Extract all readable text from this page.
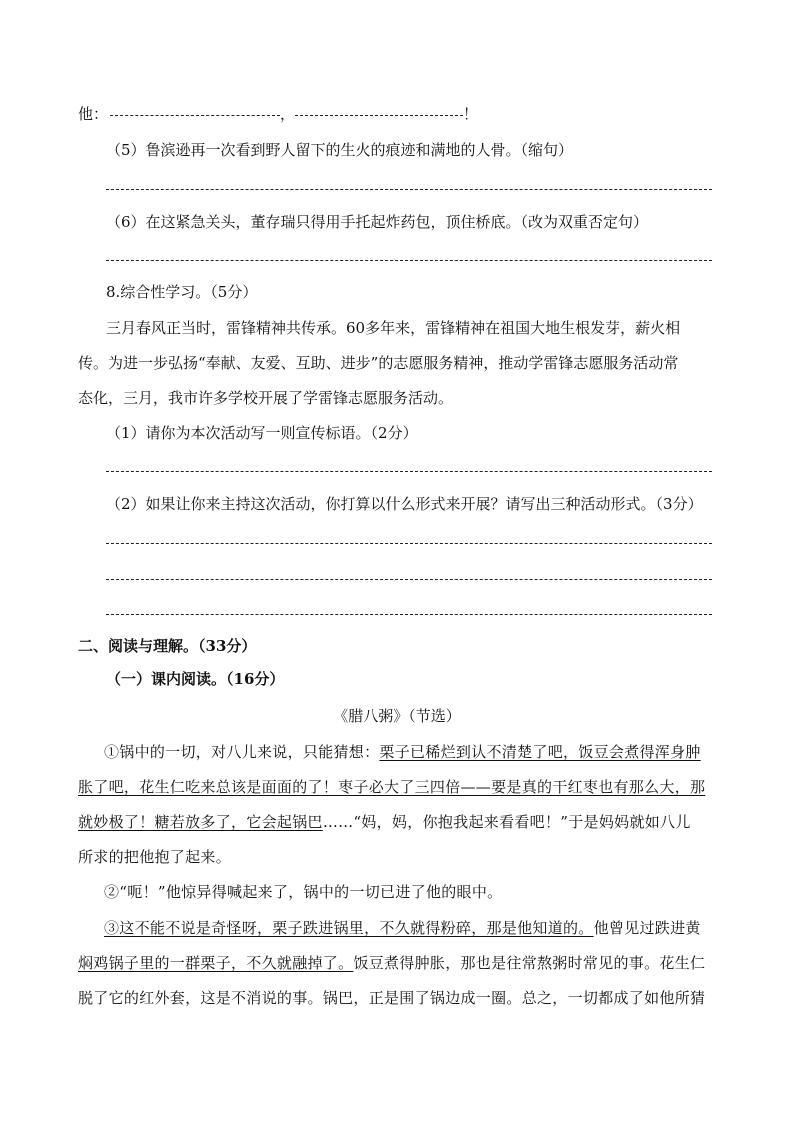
他：	，	！
（5）鲁滨逊再一次看到野人留下的生火的痕迹和满地的人骨。（缩句）
（6）在这紧急关头，董存瑞只得用手托起炸药包，顶住桥底。（改为双重否定句）
8.综合性学习。（5分）
三月春风正当时，雷锋精神共传承。60多年来，雷锋精神在祖国大地生根发芽，薪火相
传。为进一步弘扬“奉献、友爱、互助、进步”的志愿服务精神，推动学雷锋志愿服务活动常
态化，三月，我市许多学校开展了学雷锋志愿服务活动。
（1）请你为本次活动写一则宣传标语。（2分）
（2）如果让你来主持这次活动，你打算以什么形式来开展？请写出三种活动形式。（3分）
二、阅读与理解。（33分）
（一）课内阅读。（16分）
《腊八粥》（节选）
①锅中的一切，对八儿来说，只能猜想：栗子已稀烂到认不清楚了吧，饭豆会煮得浑身肿
胀了吧，花生仁吃来总该是面面的了！枣子必大了三四倍——要是真的干红枣也有那么大，那
就妙极了！糖若放多了，它会起锅巴……“妈，妈，你抱我起来看看吧！”于是妈妈就如八儿
所求的把他抱了起来。
②“呃！”他惊异得喊起来了，锅中的一切已进了他的眼中。
③这不能不说是奇怪呀，栗子跌进锅里，不久就得粉碎，那是他知道的。他曾见过跌进黄
焖鸡锅子里的一群栗子，不久就融掉了。饭豆煮得肿胀，那也是往常熬粥时常见的事。花生仁
脱了它的红外套，这是不消说的事。锅巴，正是围了锅边成一圈。总之，一切都成了如他所猜
